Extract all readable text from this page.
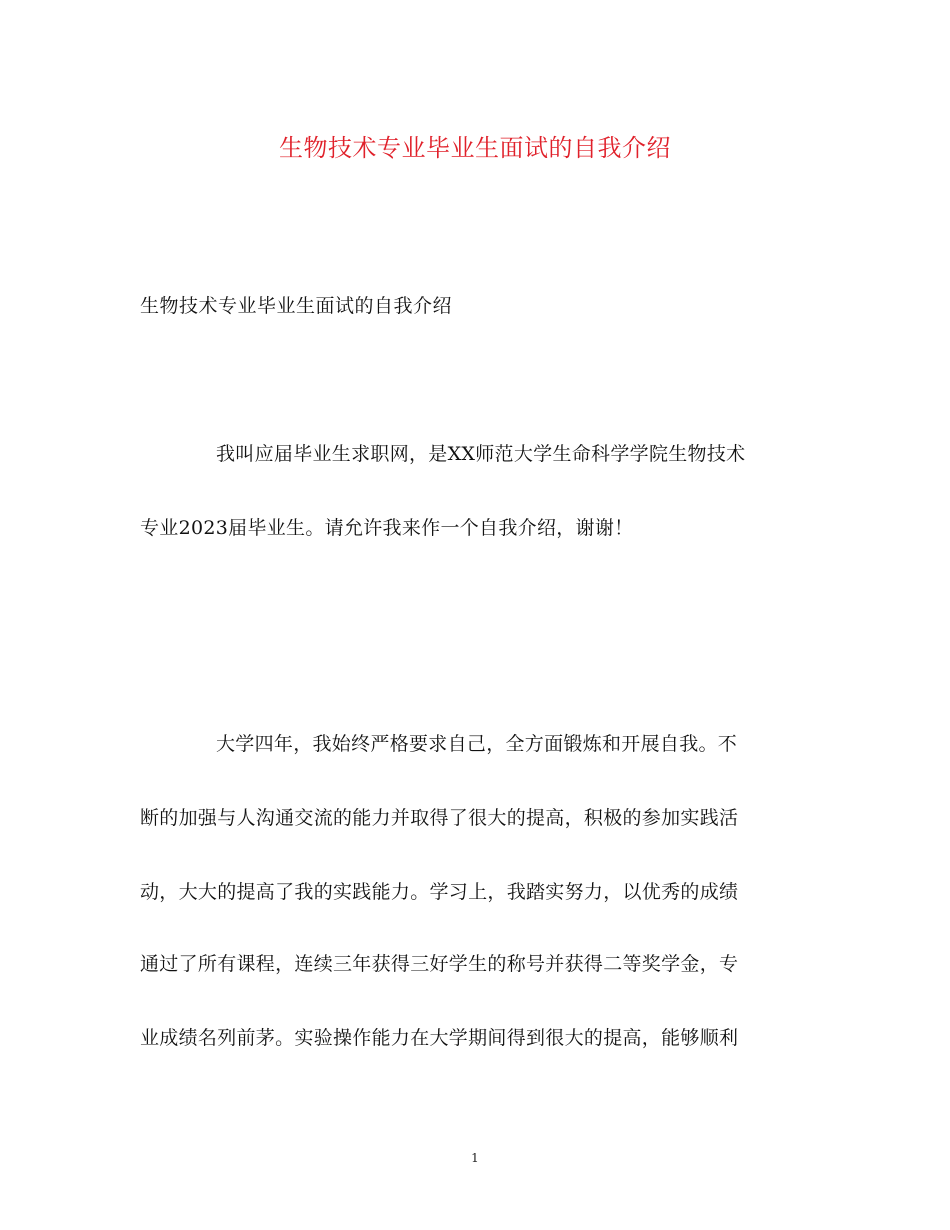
生物技术专业毕业生面试的自我介绍
生物技术专业毕业生面试的自我介绍
我叫应届毕业生求职网，是XX师范大学生命科学学院生物技术
专业2023届毕业生。请允许我来作一个自我介绍，谢谢！
大学四年，我始终严格要求自己，全方面锻炼和开展自我。不
断的加强与人沟通交流的能力并取得了很大的提高，积极的参加实践活
动，大大的提高了我的实践能力。学习上，我踏实努力，以优秀的成绩
通过了所有课程，连续三年获得三好学生的称号并获得二等奖学金，专
业成绩名列前茅。实验操作能力在大学期间得到很大的提高，能够顺利
1
